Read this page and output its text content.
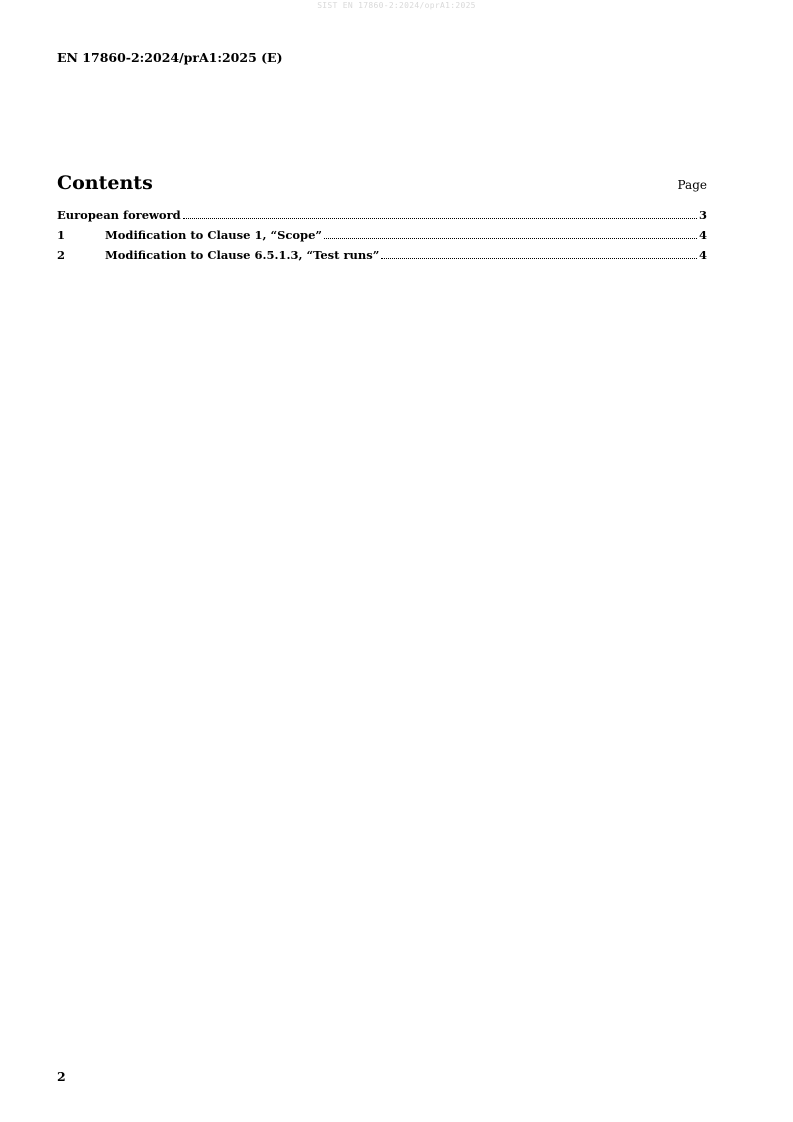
SIST EN 17860-2:2024/oprA1:2025
EN 17860-2:2024/prA1:2025 (E)
Contents	Page
European foreword	3
1	Modification to Clause 1, “Scope”	4
2	Modification to Clause 6.5.1.3, “Test runs”	4
2
